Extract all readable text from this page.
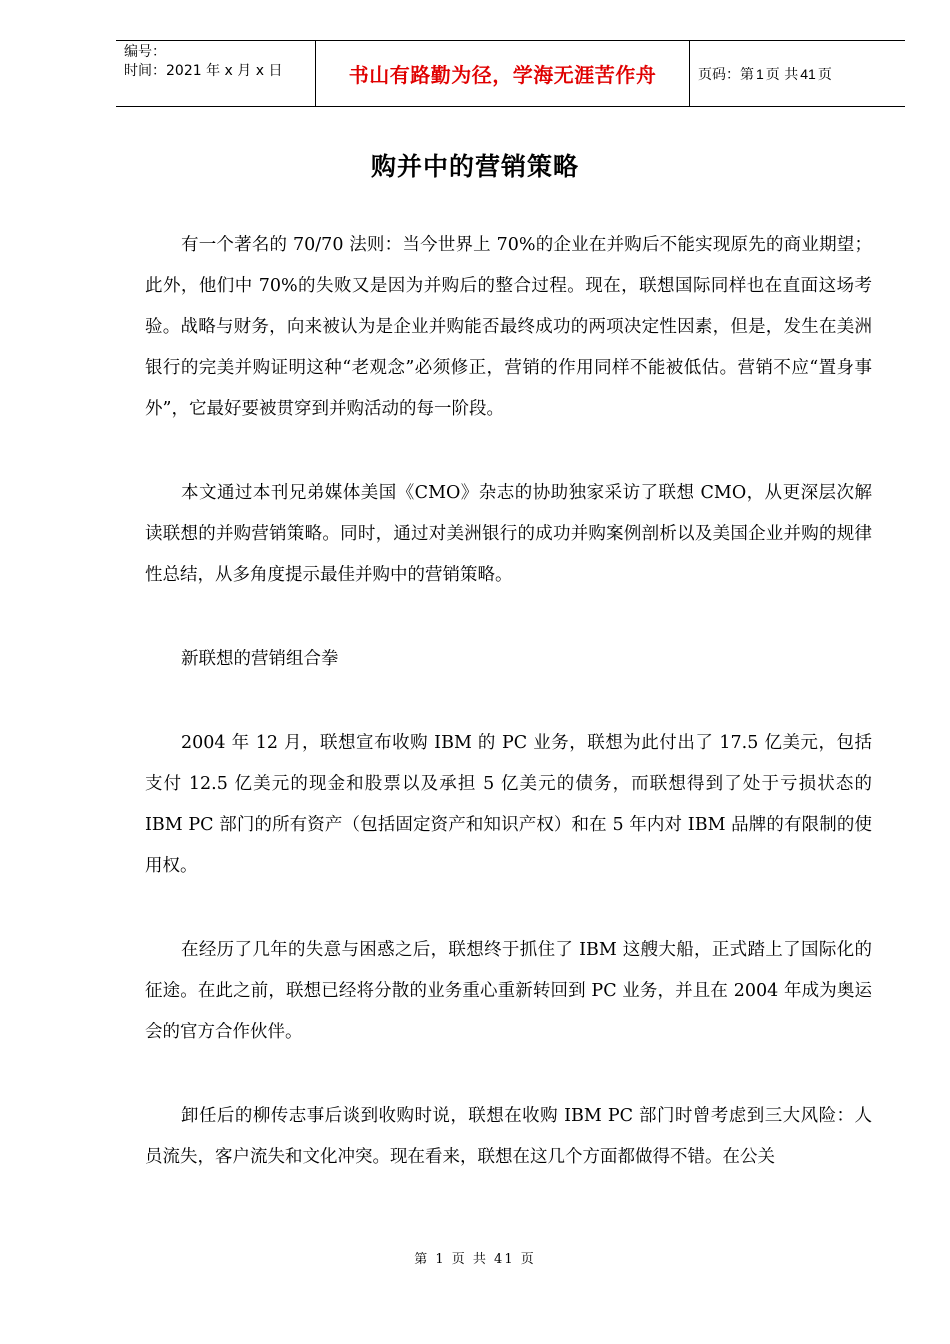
编号：
时间：2021 年 x 月 x 日	书山有路勤为径，学海无涯苦作舟	页码：第 1 页 共 41 页
购并中的营销策略

有一个著名的 70/70 法则：当今世界上 70%的企业在并购后不能实现原先的商业期望；此外，他们中 70%的失败又是因为并购后的整合过程。现在，联想国际同样也在直面这场考验。战略与财务，向来被认为是企业并购能否最终成功的两项决定性因素，但是，发生在美洲银行的完美并购证明这种“老观念”必须修正，营销的作用同样不能被低估。营销不应“置身事外”，它最好要被贯穿到并购活动的每一阶段。

本文通过本刊兄弟媒体美国《CMO》杂志的协助独家采访了联想 CMO，从更深层次解读联想的并购营销策略。同时，通过对美洲银行的成功并购案例剖析以及美国企业并购的规律性总结，从多角度提示最佳并购中的营销策略。

新联想的营销组合拳

2004 年 12 月，联想宣布收购 IBM 的 PC 业务，联想为此付出了 17.5 亿美元，包括支付 12.5 亿美元的现金和股票以及承担 5 亿美元的债务，而联想得到了处于亏损状态的 IBM PC 部门的所有资产（包括固定资产和知识产权）和在 5 年内对 IBM 品牌的有限制的使用权。

在经历了几年的失意与困惑之后，联想终于抓住了 IBM 这艘大船，正式踏上了国际化的征途。在此之前，联想已经将分散的业务重心重新转回到 PC 业务，并且在 2004 年成为奥运会的官方合作伙伴。

卸任后的柳传志事后谈到收购时说，联想在收购 IBM PC 部门时曾考虑到三大风险：人员流失，客户流失和文化冲突。现在看来，联想在这几个方面都做得不错。在公关

第 1 页 共 41 页
